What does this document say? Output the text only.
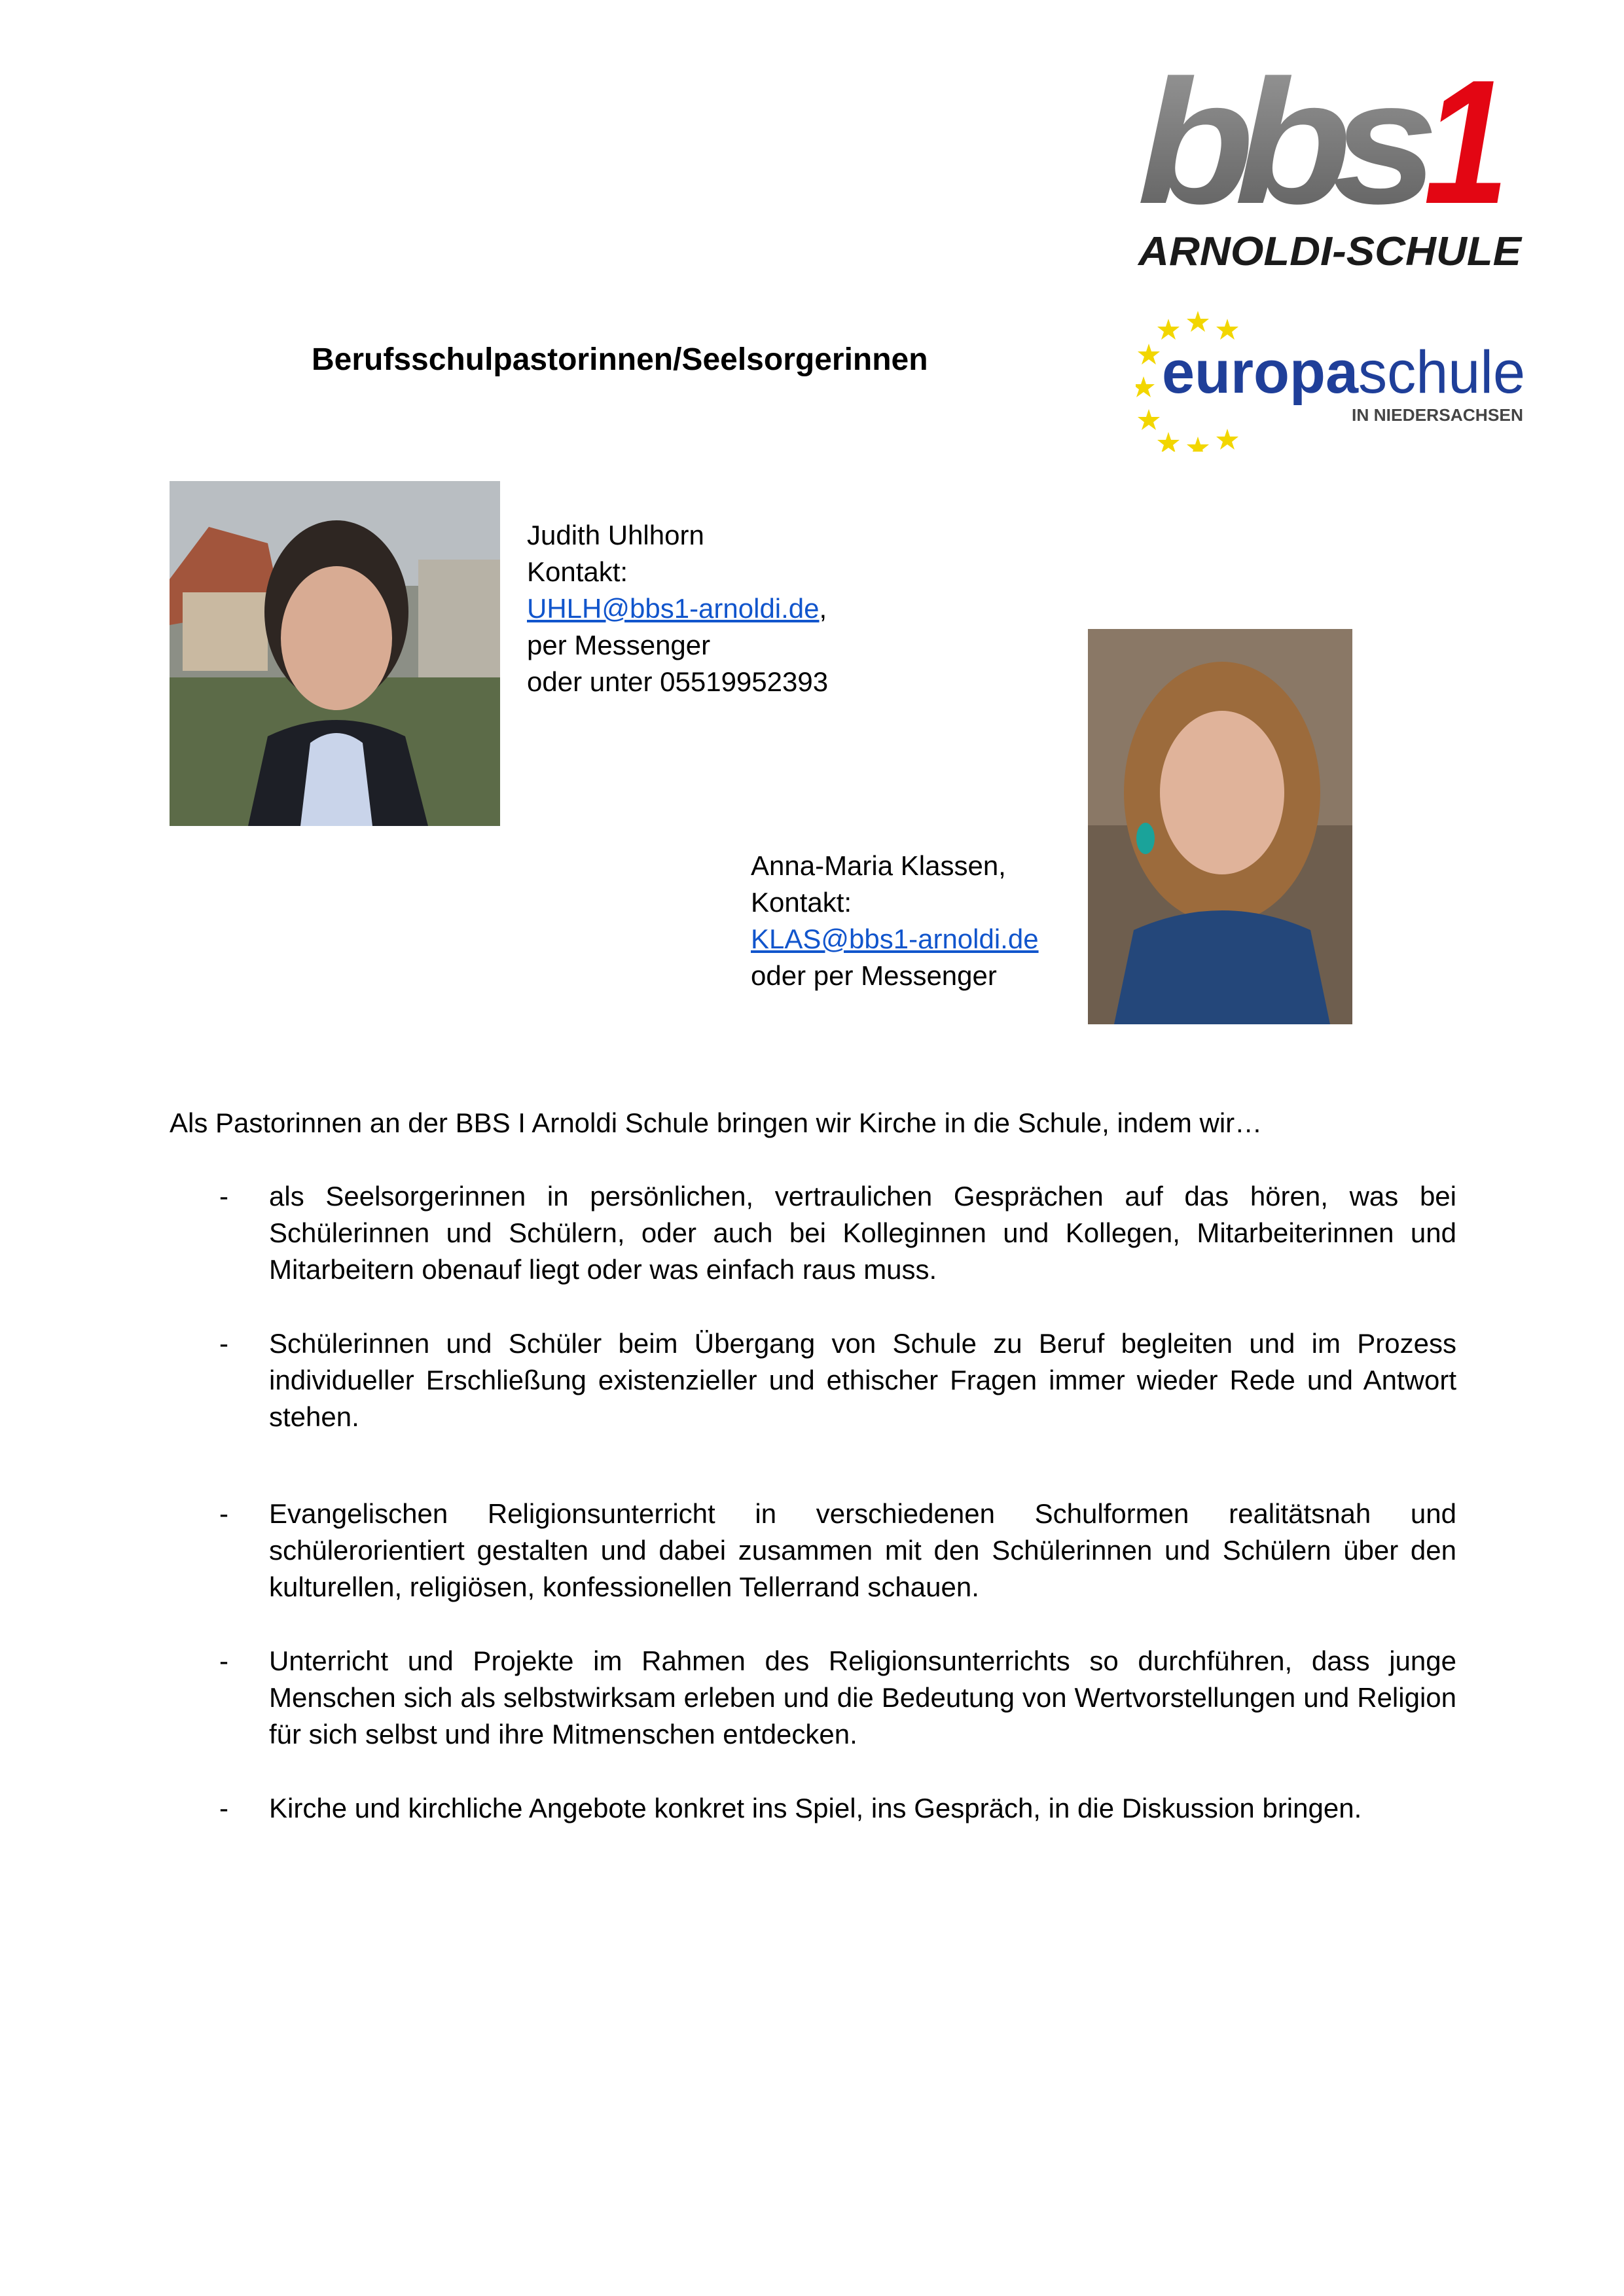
bbs
1
ARNOLDI-SCHULE
europa schule
IN NIEDERSACHSEN
Berufsschulpastorinnen/Seelsorgerinnen
Judith Uhlhorn
Kontakt:
UHLH@bbs1-arnoldi.de,
per Messenger
oder unter 05519952393
Anna-Maria Klassen,
Kontakt:
KLAS@bbs1-arnoldi.de
oder per Messenger
Als Pastorinnen an der BBS I Arnoldi Schule bringen wir Kirche in die Schule, indem wir…
- als Seelsorgerinnen in persönlichen, vertraulichen Gesprächen auf das hören, was bei Schülerinnen und Schülern, oder auch bei Kolleginnen und Kollegen, Mitarbeiterinnen und Mitarbeitern obenauf liegt oder was einfach raus muss.
- Schülerinnen und Schüler beim Übergang von Schule zu Beruf begleiten und im Prozess individueller Erschließung existenzieller und ethischer Fragen immer wieder Rede und Antwort stehen.
- Evangelischen Religionsunterricht in verschiedenen Schulformen realitätsnah und schülerorientiert gestalten und dabei zusammen mit den Schülerinnen und Schülern über den kulturellen, religiösen, konfessionellen Tellerrand schauen.
- Unterricht und Projekte im Rahmen des Religionsunterrichts so durchführen, dass junge Menschen sich als selbstwirksam erleben und die Bedeutung von Wertvorstellungen und Religion für sich selbst und ihre Mitmenschen entdecken.
- Kirche und kirchliche Angebote konkret ins Spiel, ins Gespräch, in die Diskussion bringen.
